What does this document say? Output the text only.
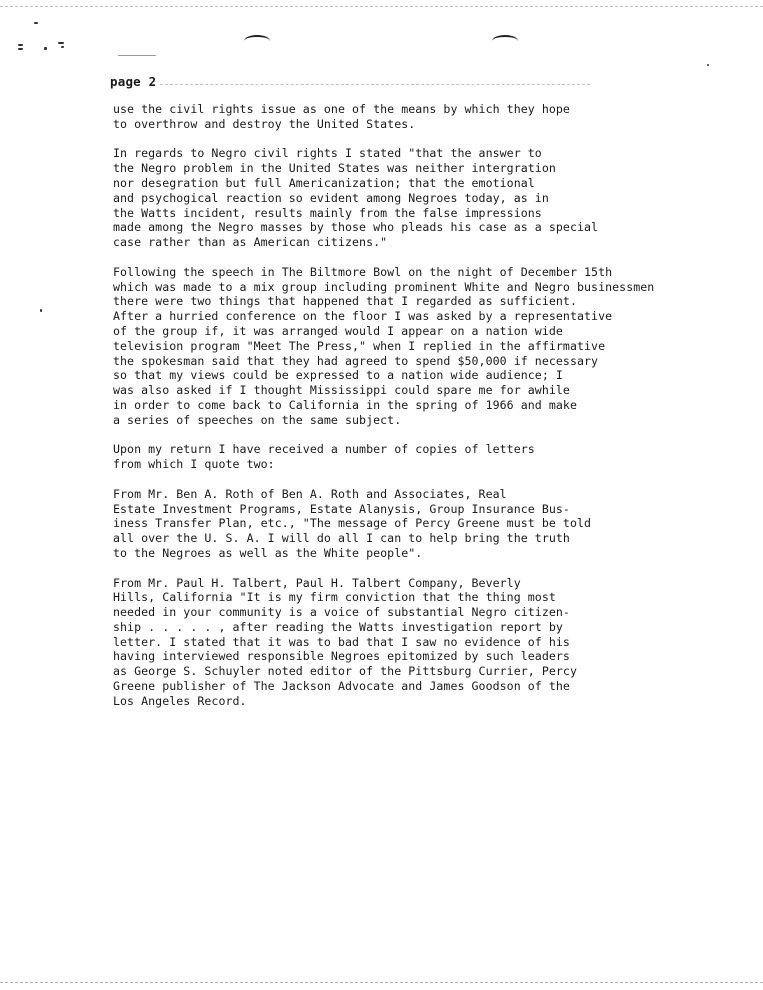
page 2

use the civil rights issue as one of the means by which they hope
to overthrow and destroy the United States.

In regards to Negro civil rights I stated "that the answer to
the Negro problem in the United States was neither intergration
nor desegration but full Americanization; that the emotional
and psychogical reaction so evident among Negroes today, as in
the Watts incident, results mainly from the false impressions
made among the Negro masses by those who pleads his case as a special
case rather than as American citizens."

Following the speech in The Biltmore Bowl on the night of December 15th
which was made to a mix group including prominent White and Negro businessmen
there were two things that happened that I regarded as sufficient.
After a hurried conference on the floor I was asked by a representative
of the group if, it was arranged would I appear on a nation wide
television program "Meet The Press," when I replied in the affirmative
the spokesman said that they had agreed to spend $50,000 if necessary
so that my views could be expressed to a nation wide audience; I
was also asked if I thought Mississippi could spare me for awhile
in order to come back to California in the spring of 1966 and make
a series of speeches on the same subject.

Upon my return I have received a number of copies of letters
from which I quote two:

From Mr. Ben A. Roth of Ben A. Roth and Associates, Real
Estate Investment Programs, Estate Alanysis, Group Insurance Bus-
iness Transfer Plan, etc., "The message of Percy Greene must be told
all over the U. S. A. I will do all I can to help bring the truth
to the Negroes as well as the White people".

From Mr. Paul H. Talbert, Paul H. Talbert Company, Beverly
Hills, California "It is my firm conviction that the thing most
needed in your community is a voice of substantial Negro citizen-
ship . . . . . , after reading the Watts investigation report by
letter. I stated that it was to bad that I saw no evidence of his
having interviewed responsible Negroes epitomized by such leaders
as George S. Schuyler noted editor of the Pittsburg Currier, Percy
Greene publisher of The Jackson Advocate and James Goodson of the
Los Angeles Record.
